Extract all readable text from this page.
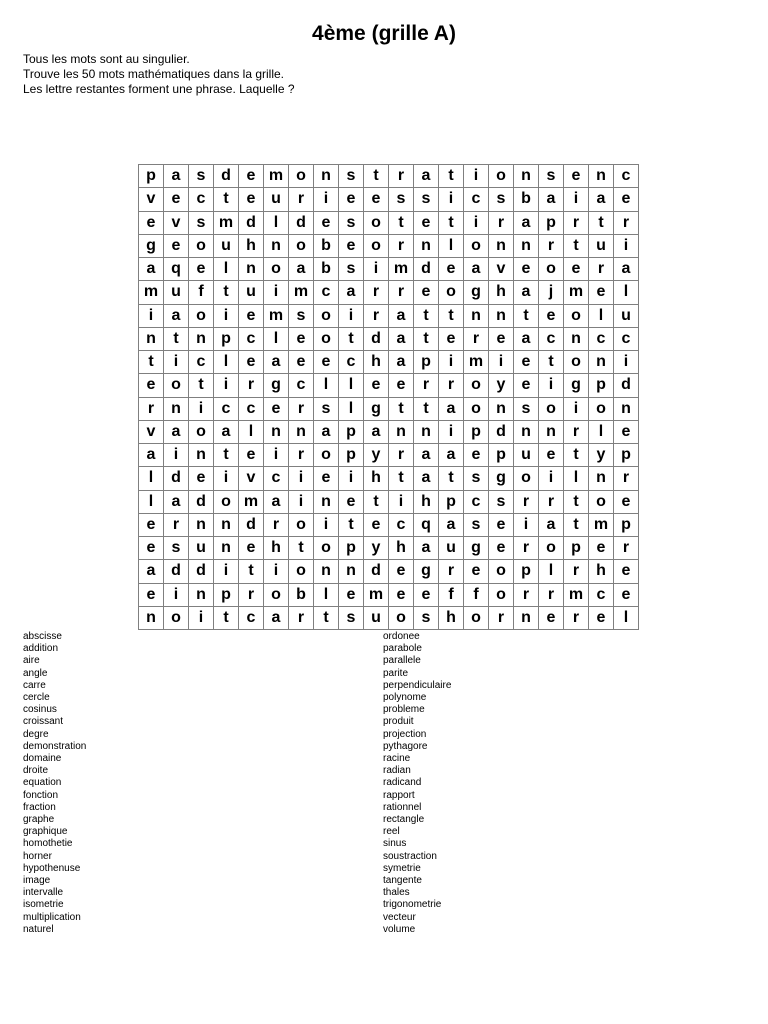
4ème (grille A)
Tous les mots sont au singulier.
Trouve les 50 mots mathématiques dans la grille.
Les lettre restantes forment une phrase. Laquelle ?
p	a	s	d	e	m	o	n	s	t	r	a	t	i	o	n	s	e	n	c
v	e	c	t	e	u	r	i	e	e	s	s	i	c	s	b	a	i	a	e
e	v	s	m	d	l	d	e	s	o	t	e	t	i	r	a	p	r	t	r
g	e	o	u	h	n	o	b	e	o	r	n	l	o	n	n	r	t	u	i
a	q	e	l	n	o	a	b	s	i	m	d	e	a	v	e	o	e	r	a
m	u	f	t	u	i	m	c	a	r	r	e	o	g	h	a	j	m	e	l
i	a	o	i	e	m	s	o	i	r	a	t	t	n	n	t	e	o	l	u
n	t	n	p	c	l	e	o	t	d	a	t	e	r	e	a	c	n	c	c
t	i	c	l	e	a	e	e	c	h	a	p	i	m	i	e	t	o	n	i
e	o	t	i	r	g	c	l	l	e	e	r	r	o	y	e	i	g	p	d
r	n	i	c	c	e	r	s	l	g	t	t	a	o	n	s	o	i	o	n
v	a	o	a	l	n	n	a	p	a	n	n	i	p	d	n	n	r	l	e
a	i	n	t	e	i	r	o	p	y	r	a	a	e	p	u	e	t	y	p
l	d	e	i	v	c	i	e	i	h	t	a	t	s	g	o	i	l	n	r
l	a	d	o	m	a	i	n	e	t	i	h	p	c	s	r	r	t	o	e
e	r	n	n	d	r	o	i	t	e	c	q	a	s	e	i	a	t	m	p
e	s	u	n	e	h	t	o	p	y	h	a	u	g	e	r	o	p	e	r
a	d	d	i	t	i	o	n	n	d	e	g	r	e	o	p	l	r	h	e
e	i	n	p	r	o	b	l	e	m	e	e	f	f	o	r	r	m	c	e
n	o	i	t	c	a	r	t	s	u	o	s	h	o	r	n	e	r	e	l
abscisse
addition
aire
angle
carre
cercle
cosinus
croissant
degre
demonstration
domaine
droite
equation
fonction
fraction
graphe
graphique
homothetie
horner
hypothenuse
image
intervalle
isometrie
multiplication
naturel
ordonee
parabole
parallele
parite
perpendiculaire
polynome
probleme
produit
projection
pythagore
racine
radian
radicand
rapport
rationnel
rectangle
reel
sinus
soustraction
symetrie
tangente
thales
trigonometrie
vecteur
volume
